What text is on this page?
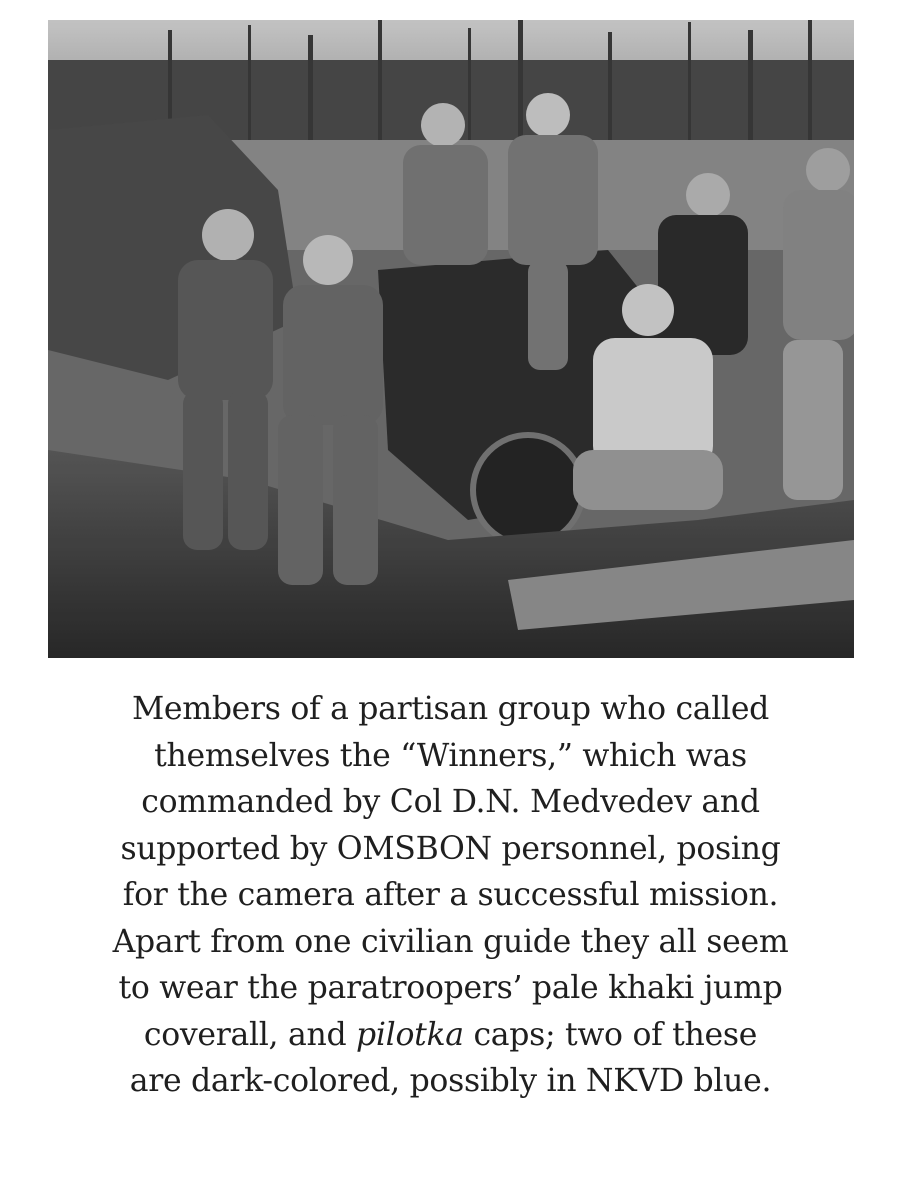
Members of a partisan group who called
themselves the “Winners,” which was
commanded by Col D.N. Medvedev and
supported by OMSBON personnel, posing
for the camera after a successful mission.
Apart from one civilian guide they all seem
to wear the paratroopers’ pale khaki jump
coverall, and pilotka caps; two of these
are dark-colored, possibly in NKVD blue.
